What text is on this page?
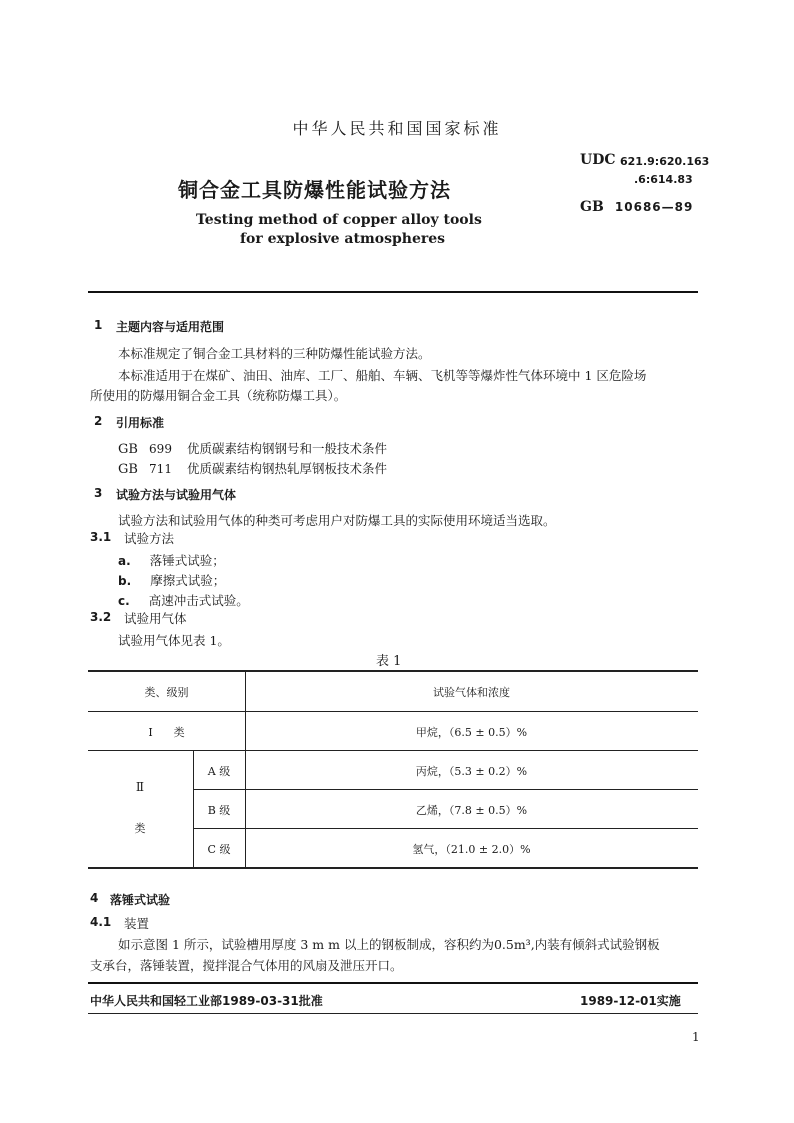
中华人民共和国国家标准
铜合金工具防爆性能试验方法
Testing method of copper alloy tools
for explosive atmospheres
UDC 621.9:620.163
.6:614.83
GB 10686—89
1 主题内容与适用范围
本标准规定了铜合金工具材料的三种防爆性能试验方法。
本标准适用于在煤矿、油田、油库、工厂、船舶、车辆、飞机等等爆炸性气体环境中 1 区危险场
所使用的防爆用铜合金工具（统称防爆工具）。
2 引用标准
GB 699 优质碳素结构钢钢号和一般技术条件
GB 711 优质碳素结构钢热轧厚钢板技术条件
3 试验方法与试验用气体
试验方法和试验用气体的种类可考虑用户对防爆工具的实际使用环境适当选取。
3.1 试验方法
a. 落锤式试验；
b. 摩擦式试验；
c. 高速冲击式试验。
3.2 试验用气体
试验用气体见表 1。
表 1
类、级别	试验气体和浓度
I      类	甲烷，（6.5 ± 0.5）%
Ⅱ
类
A 级	丙烷，（5.3 ± 0.2）%
B 级	乙烯，（7.8 ± 0.5）%
C 级	氢气，（21.0 ± 2.0）%
4 落锤式试验
4.1 装置
如示意图 1 所示，试验槽用厚度 3 m m 以上的钢板制成，容积约为0.5m³,内装有倾斜式试验钢板
支承台，落锤装置，搅拌混合气体用的风扇及泄压开口。
中华人民共和国轻工业部1989-03-31批准	1989-12-01实施
1
